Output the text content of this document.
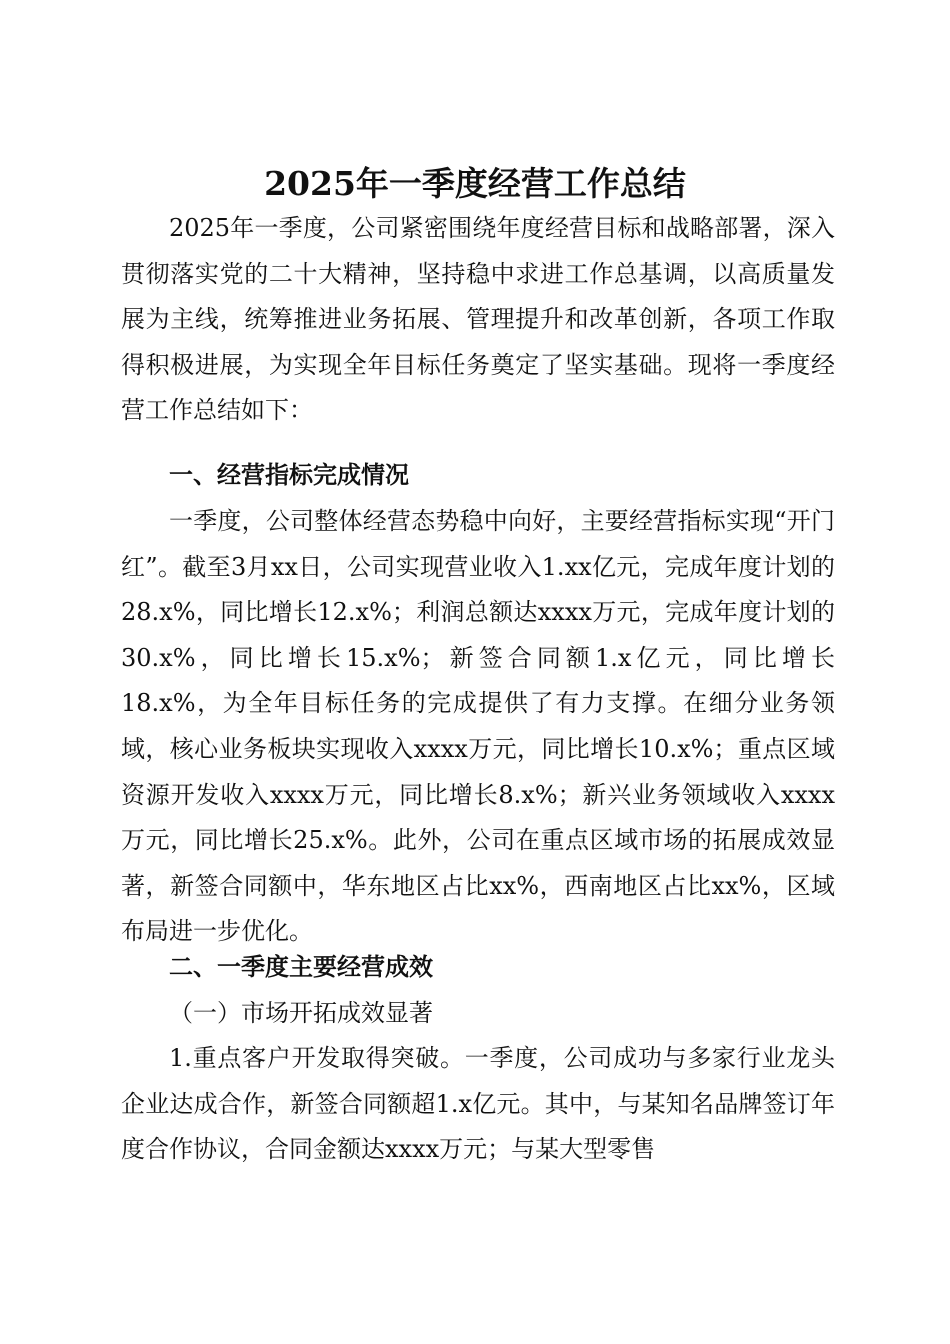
2025年一季度经营工作总结

2025年一季度，公司紧密围绕年度经营目标和战略部署，深入贯彻落实党的二十大精神，坚持稳中求进工作总基调，以高质量发展为主线，统筹推进业务拓展、管理提升和改革创新，各项工作取得积极进展，为实现全年目标任务奠定了坚实基础。现将一季度经营工作总结如下：

一、经营指标完成情况

一季度，公司整体经营态势稳中向好，主要经营指标实现“开门红”。截至3月xx日，公司实现营业收入1.xx亿元，完成年度计划的28.x%，同比增长12.x%；利润总额达xxxx万元，完成年度计划的30.x%，同比增长15.x%；新签合同额1.x亿元，同比增长18.x%，为全年目标任务的完成提供了有力支撑。在细分业务领域，核心业务板块实现收入xxxx万元，同比增长10.x%；重点区域资源开发收入xxxx万元，同比增长8.x%；新兴业务领域收入xxxx万元，同比增长25.x%。此外，公司在重点区域市场的拓展成效显著，新签合同额中，华东地区占比xx%，西南地区占比xx%，区域布局进一步优化。

二、一季度主要经营成效

（一）市场开拓成效显著

1.重点客户开发取得突破。一季度，公司成功与多家行业龙头企业达成合作，新签合同额超1.x亿元。其中，与某知名品牌签订年度合作协议，合同金额达xxxx万元；与某大型零售
